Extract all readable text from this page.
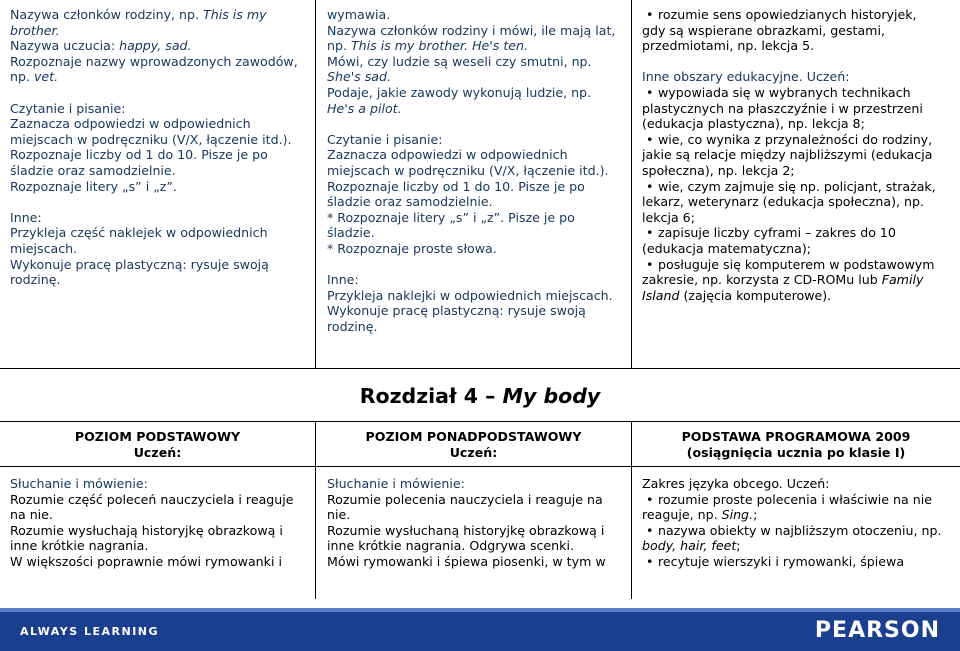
Nazywa członków rodziny, np. This is my

brother.

Nazywa uczucia: happy, sad.

Rozpoznaje nazwy wprowadzonych zawodów,

np. vet.

Czytanie i pisanie:

Zaznacza odpowiedzi w odpowiednich

miejscach w podręczniku (V/X, łączenie itd.).

Rozpoznaje liczby od 1 do 10. Pisze je po

śladzie oraz samodzielnie.

Rozpoznaje litery „s” i „z”.

Inne:

Przykleja część naklejek w odpowiednich

miejscach.

Wykonuje pracę plastyczną: rysuje swoją

rodzinę.

wymawia.

Nazywa członków rodziny i mówi, ile mają lat,

np. This is my brother. He's ten.

Mówi, czy ludzie są weseli czy smutni, np.

She's sad.

Podaje, jakie zawody wykonują ludzie, np.

He's a pilot.

Czytanie i pisanie:

Zaznacza odpowiedzi w odpowiednich

miejscach w podręczniku (V/X, łączenie itd.).

Rozpoznaje liczby od 1 do 10. Pisze je po

śladzie oraz samodzielnie.

* Rozpoznaje litery „s” i „z”. Pisze je po

śladzie.

* Rozpoznaje proste słowa.

Inne:

Przykleja naklejki w odpowiednich miejscach.

Wykonuje pracę plastyczną: rysuje swoją

rodzinę.

• rozumie sens opowiedzianych historyjek,

gdy są wspierane obrazkami, gestami,

przedmiotami, np. lekcja 5.

Inne obszary edukacyjne. Uczeń:

• wypowiada się w wybranych technikach

plastycznych na płaszczyźnie i w przestrzeni

(edukacja plastyczna), np. lekcja 8;

• wie, co wynika z przynależności do rodziny,

jakie są relacje między najbliższymi (edukacja

społeczna), np. lekcja 2;

• wie, czym zajmuje się np. policjant, strażak,

lekarz, weterynarz (edukacja społeczna), np.

lekcja 6;

• zapisuje liczby cyframi – zakres do 10

(edukacja matematyczna);

• posługuje się komputerem w podstawowym

zakresie, np. korzysta z CD-ROMu lub Family

Island (zajęcia komputerowe).

Rozdział 4 – My body

POZIOM PODSTAWOWY

Uczeń:

POZIOM PONADPODSTAWOWY

Uczeń:

PODSTAWA PROGRAMOWA 2009

(osiągnięcia ucznia po klasie I)

Słuchanie i mówienie:

Rozumie część poleceń nauczyciela i reaguje

na nie.

Rozumie wysłuchają historyjkę obrazkową i

inne krótkie nagrania.

W większości poprawnie mówi rymowanki i

Słuchanie i mówienie:

Rozumie polecenia nauczyciela i reaguje na

nie.

Rozumie wysłuchaną historyjkę obrazkową i

inne krótkie nagrania. Odgrywa scenki.

Mówi rymowanki i śpiewa piosenki, w tym w

Zakres języka obcego. Uczeń:

• rozumie proste polecenia i właściwie na nie

reaguje, np. Sing.;

• nazywa obiekty w najbliższym otoczeniu, np.

body, hair, feet;

• recytuje wierszyki i rymowanki, śpiewa

ALWAYS LEARNING	PEARSON
